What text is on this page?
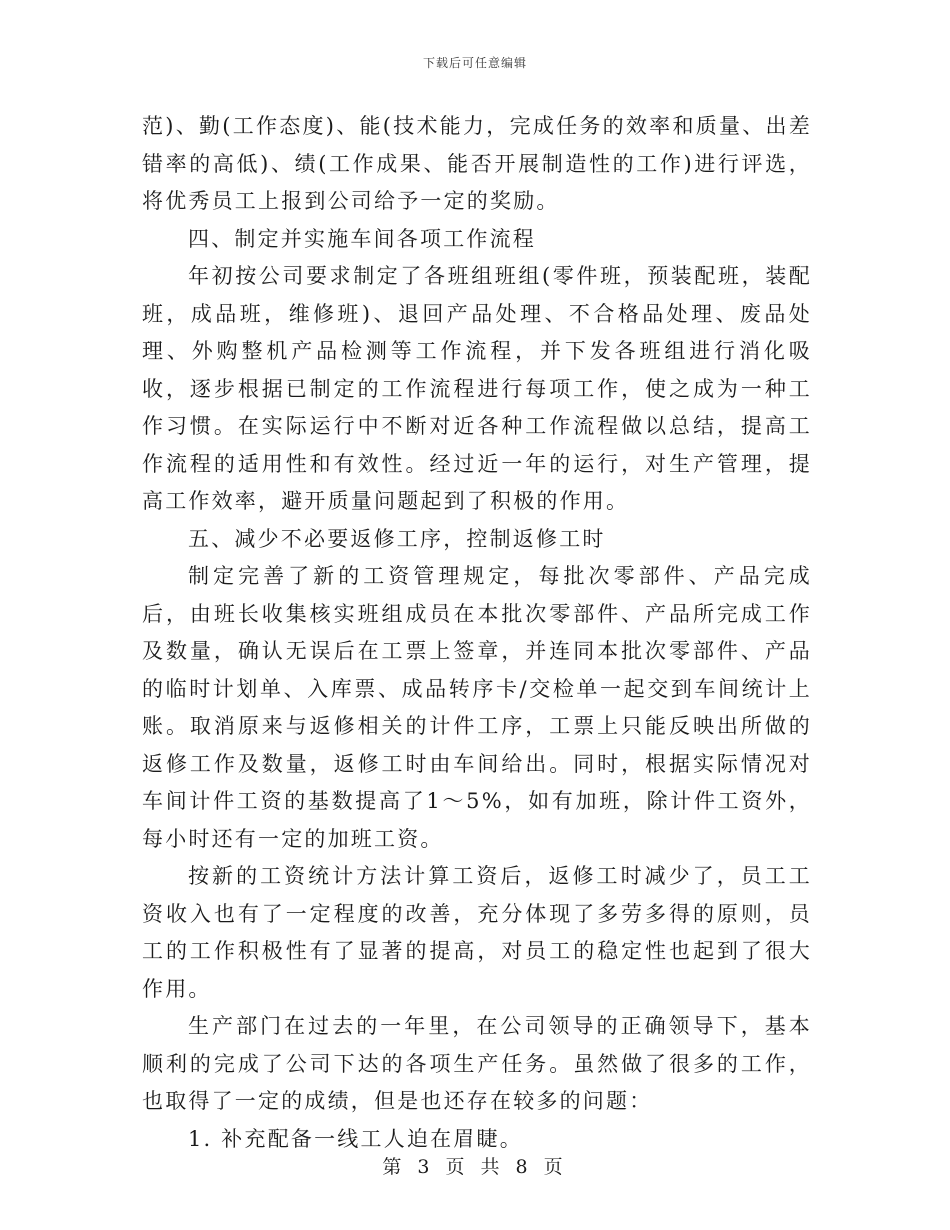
下载后可任意编辑

范)、勤(工作态度)、能(技术能力，完成任务的效率和质量、出差错率的高低)、绩(工作成果、能否开展制造性的工作)进行评选，将优秀员工上报到公司给予一定的奖励。

四、制定并实施车间各项工作流程

年初按公司要求制定了各班组班组(零件班，预装配班，装配班，成品班，维修班)、退回产品处理、不合格品处理、废品处理、外购整机产品检测等工作流程，并下发各班组进行消化吸收，逐步根据已制定的工作流程进行每项工作，使之成为一种工作习惯。在实际运行中不断对近各种工作流程做以总结，提高工作流程的适用性和有效性。经过近一年的运行，对生产管理，提高工作效率，避开质量问题起到了积极的作用。

五、减少不必要返修工序，控制返修工时

制定完善了新的工资管理规定，每批次零部件、产品完成后，由班长收集核实班组成员在本批次零部件、产品所完成工作及数量，确认无误后在工票上签章，并连同本批次零部件、产品的临时计划单、入库票、成品转序卡/交检单一起交到车间统计上账。取消原来与返修相关的计件工序，工票上只能反映出所做的返修工作及数量，返修工时由车间给出。同时，根据实际情况对车间计件工资的基数提高了1～5%，如有加班，除计件工资外，每小时还有一定的加班工资。

按新的工资统计方法计算工资后，返修工时减少了，员工工资收入也有了一定程度的改善，充分体现了多劳多得的原则，员工的工作积极性有了显著的提高，对员工的稳定性也起到了很大作用。

生产部门在过去的一年里，在公司领导的正确领导下，基本顺利的完成了公司下达的各项生产任务。虽然做了很多的工作，也取得了一定的成绩，但是也还存在较多的问题：

1. 补充配备一线工人迫在眉睫。

第 3 页 共 8 页
